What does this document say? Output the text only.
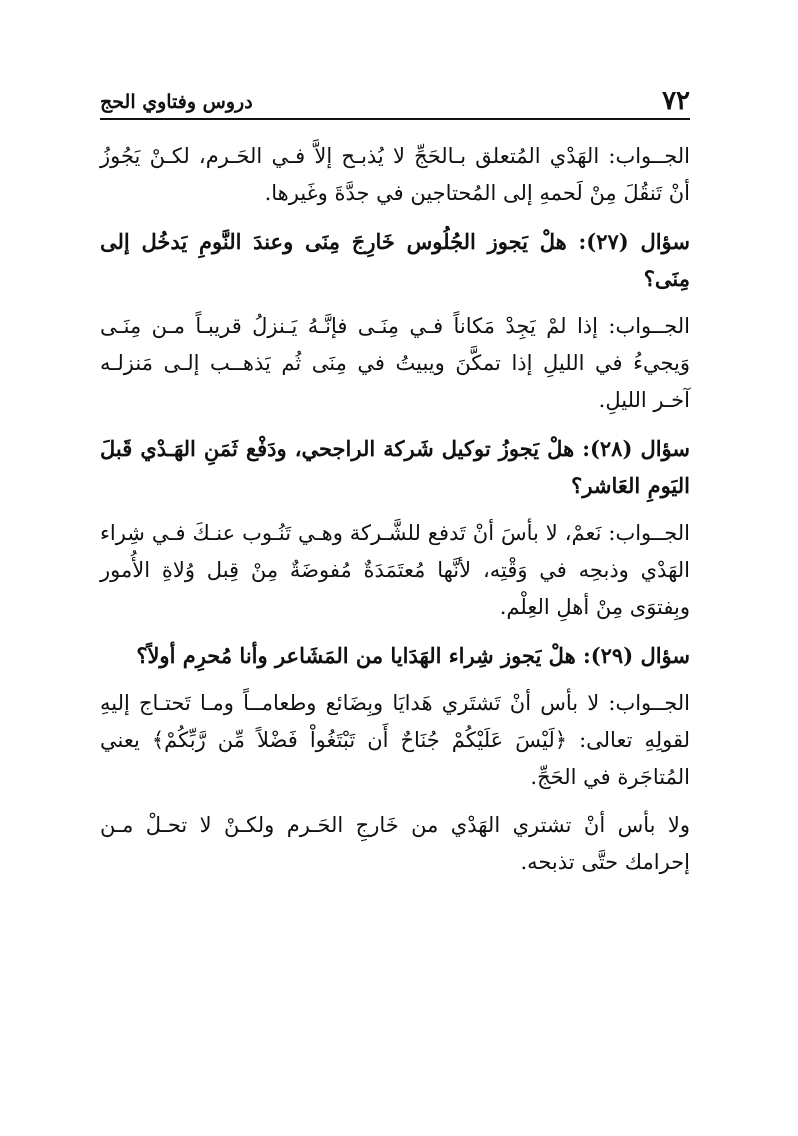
٧٢
دروس وفتاوي الحج

الجــواب: الهَدْي المُتعلق بـالحَجِّ لا يُذبـح إلاَّ فـي الحَـرم، لكـنْ يَجُوزُ أنْ تَنقُلَ مِنْ لَحمهِ إلى المُحتاجين في جدَّةَ وغَيرها.

سؤال (٢٧): هلْ يَجوز الجُلُوس خَارِجَ مِنَى وعندَ النَّومِ يَدخُل إلى مِنَى؟

الجــواب: إذا لمْ يَجِدْ مَكاناً فـي مِنَـى فإنَّـهُ يَـنزلُ قريبـاً مـن مِنَـى وَيجيءُ في الليلِ إذا تمكَّنَ ويبيتُ في مِنَى ثُم يَذهــب إلـى مَنزلـه آخـر الليلِ.

سؤال (٢٨): هلْ يَجوزُ توكيل شَركة الراجحي، ودَفْع ثَمَنِ الهَـدْي قَبلَ اليَومِ العَاشر؟

الجــواب: نَعمْ، لا بأسَ أنْ تَدفع للشَّـركة وهـي تَنُـوب عنـكَ فـي شِراء الهَدْي وذبحِه في وَقْتِه، لأنَّها مُعتَمَدَةٌ مُفوضَةٌ مِنْ قِبل وُلاةِ الأُمور وبِفتوَى مِنْ أهلِ العِلْم.

سؤال (٢٩): هلْ يَجوز شِراء الهَدَايا من المَشَاعر وأنا مُحرِم أولاً؟

الجــواب: لا بأس أنْ تَشتَري هَدايَا وبِضَائع وطعامــاً ومـا تَحتـاج إليهِ لقولِهِ تعالى: ﴿لَيْسَ عَلَيْكُمْ جُنَاحٌ أَن تَبْتَغُواْ فَضْلاً مِّن رَّبِّكُمْ﴾ يعني المُتاجَرة في الحَجِّ.

ولا بأس أنْ تشتري الهَدْي من خَارجِ الحَـرم ولكـنْ لا تحـلْ مـن إحرامك حتَّى تذبحه.
